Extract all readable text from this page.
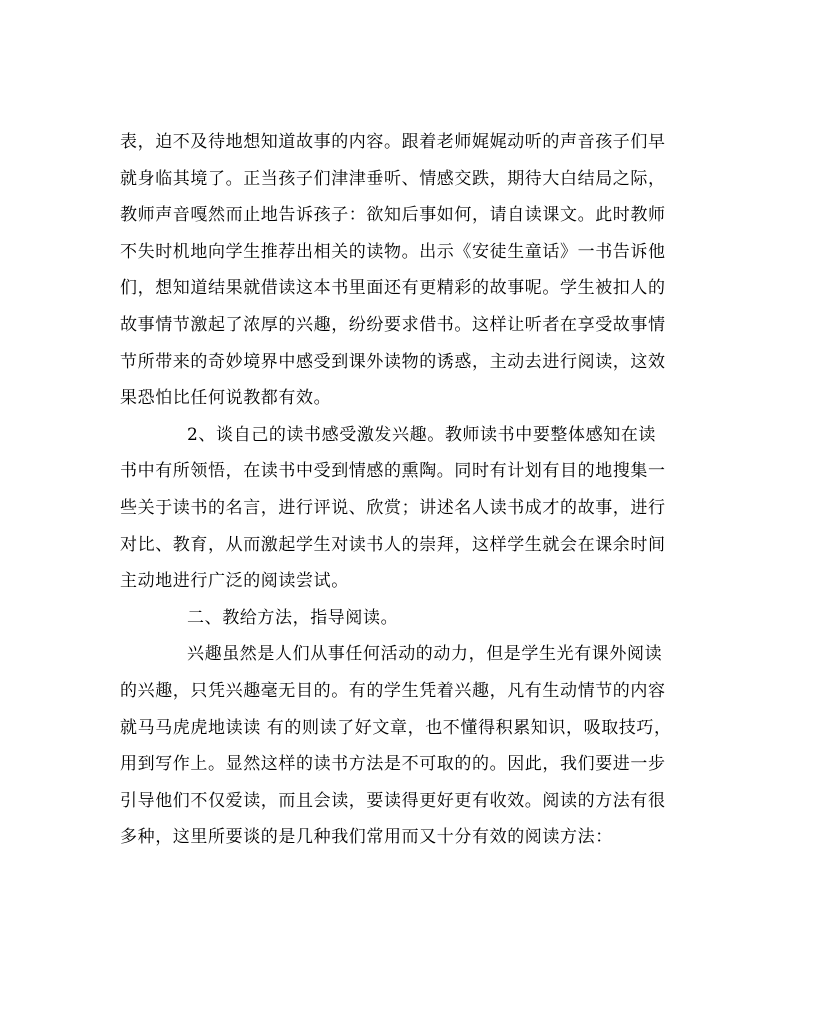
表，迫不及待地想知道故事的内容。跟着老师娓娓动听的声音孩子们早
就身临其境了。正当孩子们津津垂听、情感交跌，期待大白结局之际，
教师声音嘎然而止地告诉孩子：欲知后事如何，请自读课文。此时教师
不失时机地向学生推荐出相关的读物。出示《安徒生童话》一书告诉他
们，想知道结果就借读这本书里面还有更精彩的故事呢。学生被扣人的
故事情节激起了浓厚的兴趣，纷纷要求借书。这样让听者在享受故事情
节所带来的奇妙境界中感受到课外读物的诱惑，主动去进行阅读，这效
果恐怕比任何说教都有效。
2、谈自己的读书感受激发兴趣。教师读书中要整体感知在读
书中有所领悟，在读书中受到情感的熏陶。同时有计划有目的地搜集一
些关于读书的名言，进行评说、欣赏；讲述名人读书成才的故事，进行
对比、教育，从而激起学生对读书人的崇拜，这样学生就会在课余时间
主动地进行广泛的阅读尝试。
二、教给方法，指导阅读。
兴趣虽然是人们从事任何活动的动力，但是学生光有课外阅读
的兴趣，只凭兴趣毫无目的。有的学生凭着兴趣，凡有生动情节的内容
就马马虎虎地读读 有的则读了好文章，也不懂得积累知识，吸取技巧，
用到写作上。显然这样的读书方法是不可取的的。因此，我们要进一步
引导他们不仅爱读，而且会读，要读得更好更有收效。阅读的方法有很
多种，这里所要谈的是几种我们常用而又十分有效的阅读方法：
